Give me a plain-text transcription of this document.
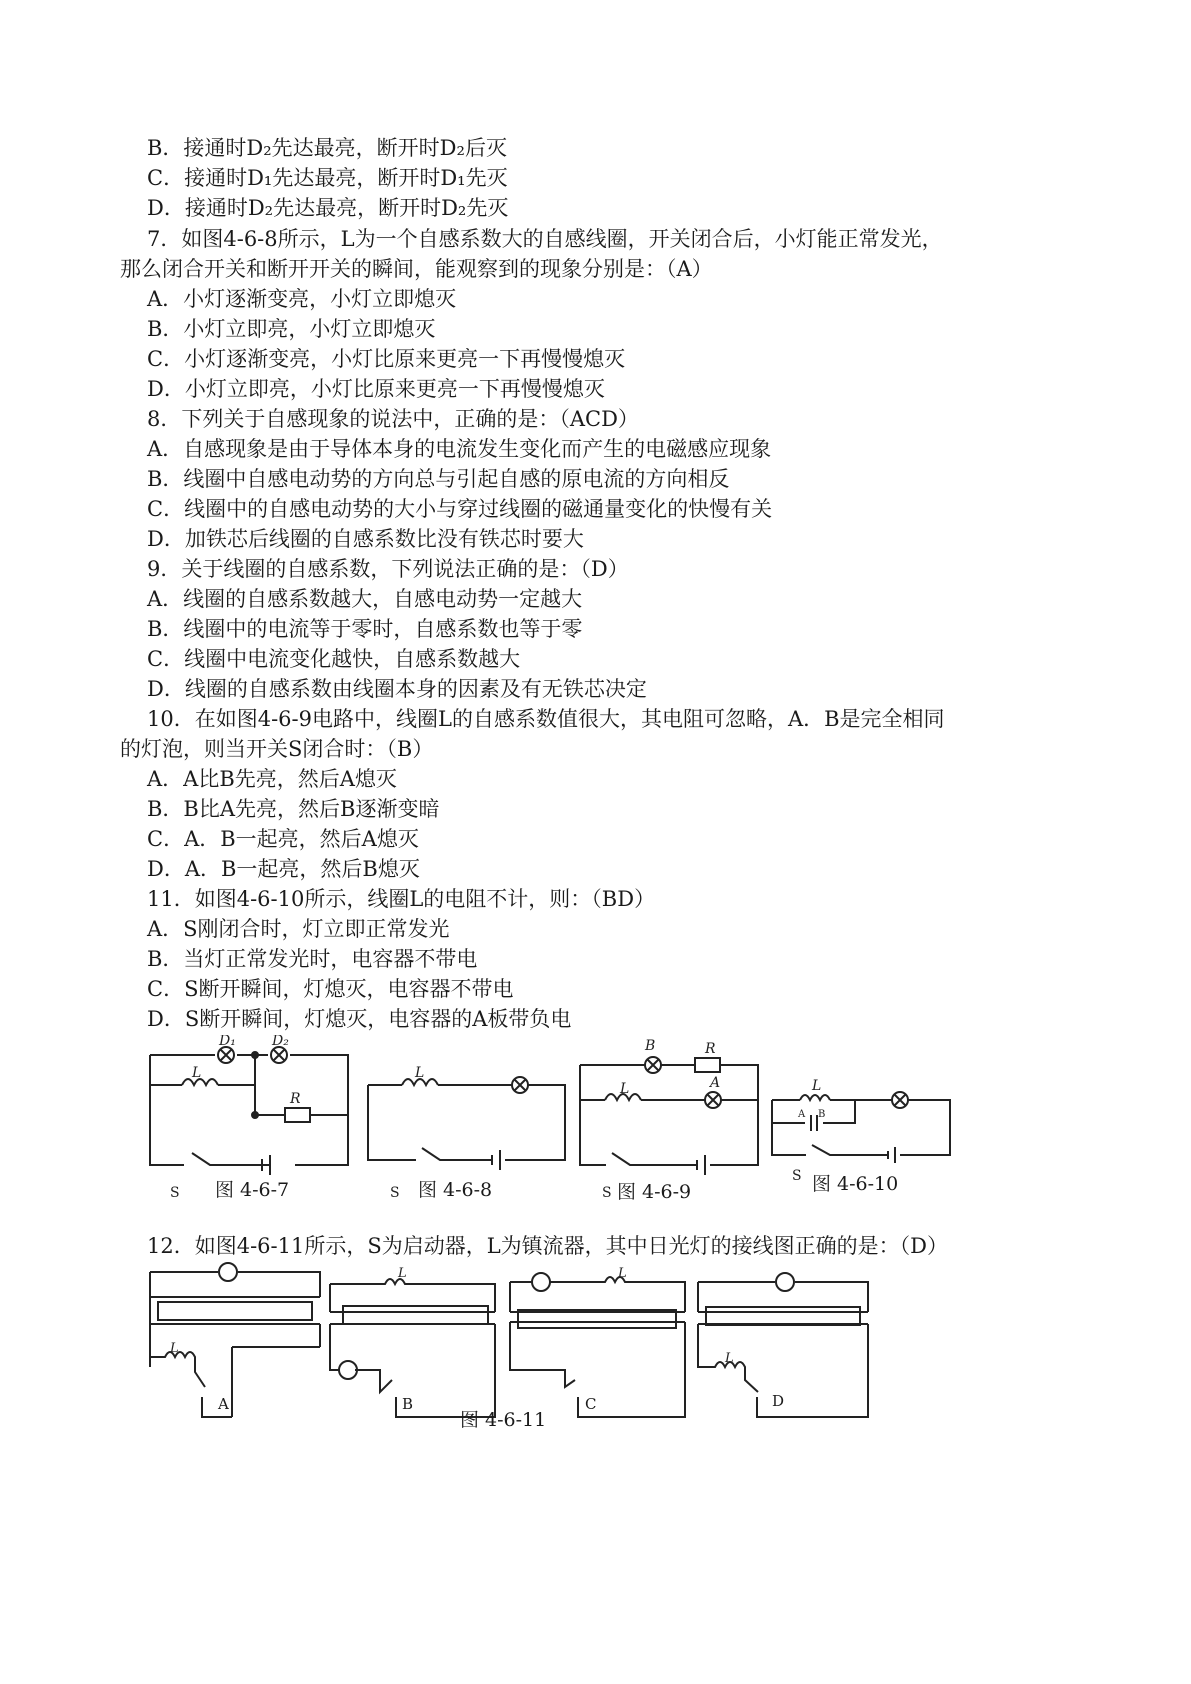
B．接通时D₂先达最亮，断开时D₂后灭
C．接通时D₁先达最亮，断开时D₁先灭
D．接通时D₂先达最亮，断开时D₂先灭
7．如图4-6-8所示，L为一个自感系数大的自感线圈，开关闭合后，小灯能正常发光，
那么闭合开关和断开开关的瞬间，能观察到的现象分别是：（A）
A．小灯逐渐变亮，小灯立即熄灭
B．小灯立即亮，小灯立即熄灭
C．小灯逐渐变亮，小灯比原来更亮一下再慢慢熄灭
D．小灯立即亮，小灯比原来更亮一下再慢慢熄灭
8．下列关于自感现象的说法中，正确的是：（ACD）
A．自感现象是由于导体本身的电流发生变化而产生的电磁感应现象
B．线圈中自感电动势的方向总与引起自感的原电流的方向相反
C．线圈中的自感电动势的大小与穿过线圈的磁通量变化的快慢有关
D．加铁芯后线圈的自感系数比没有铁芯时要大
9．关于线圈的自感系数，下列说法正确的是：（D）
A．线圈的自感系数越大，自感电动势一定越大
B．线圈中的电流等于零时，自感系数也等于零
C．线圈中电流变化越快，自感系数越大
D．线圈的自感系数由线圈本身的因素及有无铁芯决定
10．在如图4-6-9电路中，线圈L的自感系数值很大，其电阻可忽略，A．B是完全相同
的灯泡，则当开关S闭合时：（B）
A．A比B先亮，然后A熄灭
B．B比A先亮，然后B逐渐变暗
C．A．B一起亮，然后A熄灭
D．A．B一起亮，然后B熄灭
11．如图4-6-10所示，线圈L的电阻不计，则：（BD）
A．S刚闭合时，灯立即正常发光
B．当灯正常发光时，电容器不带电
C．S断开瞬间，灯熄灭，电容器不带电
D．S断开瞬间，灯熄灭，电容器的A板带负电
12．如图4-6-11所示，S为启动器，L为镇流器，其中日光灯的接线图正确的是：（D）
D₁	D₂
L
R
S
L
S
B	R
L	A
S
L
A B
S
图 4-6-7	图 4-6-8	图 4-6-9	图 4-6-10
L
L	L
L
A	B	C	D
图 4-6-11
